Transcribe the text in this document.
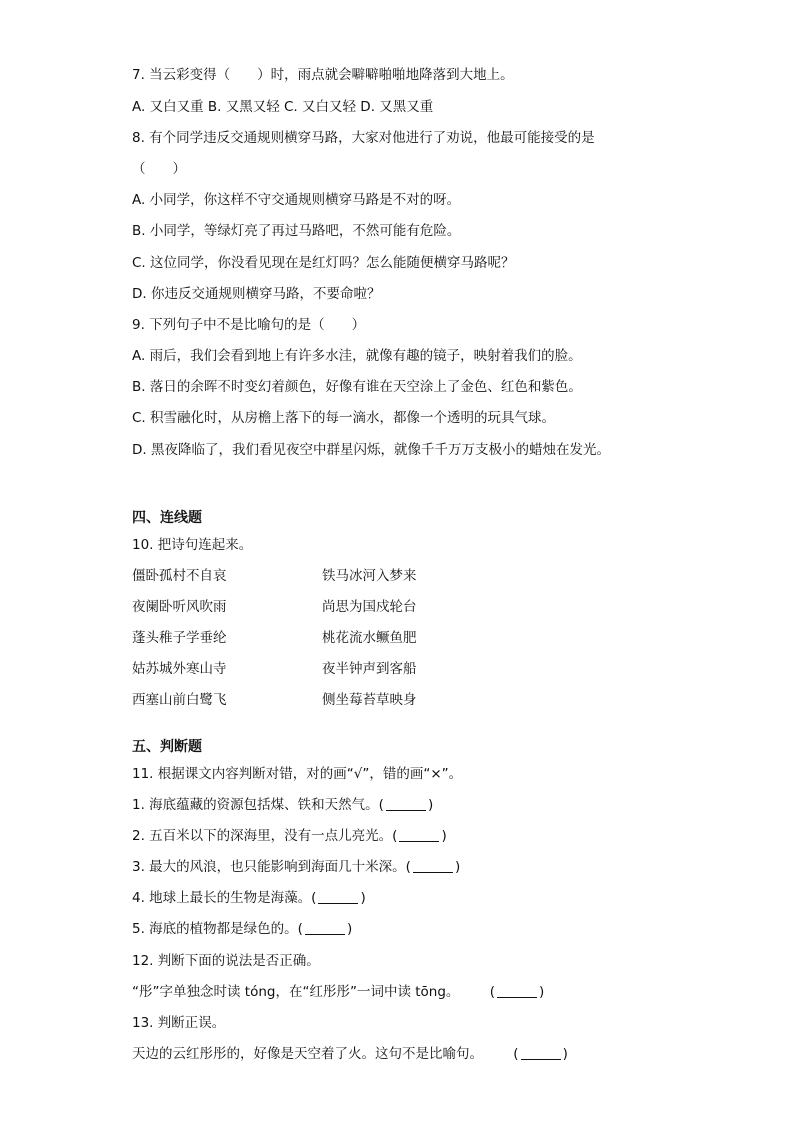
7. 当云彩变得（　　）时，雨点就会噼噼啪啪地降落到大地上。
A. 又白又重 B. 又黑又轻 C. 又白又轻 D. 又黑又重
8. 有个同学违反交通规则横穿马路，大家对他进行了劝说，他最可能接受的是
（　　）
A. 小同学，你这样不守交通规则横穿马路是不对的呀。
B. 小同学，等绿灯亮了再过马路吧，不然可能有危险。
C. 这位同学，你没看见现在是红灯吗？怎么能随便横穿马路呢？
D. 你违反交通规则横穿马路，不要命啦？
9. 下列句子中不是比喻句的是（　　）
A. 雨后，我们会看到地上有许多水洼，就像有趣的镜子，映射着我们的脸。
B. 落日的余晖不时变幻着颜色，好像有谁在天空涂上了金色、红色和紫色。
C. 积雪融化时，从房檐上落下的每一滴水，都像一个透明的玩具气球。
D. 黑夜降临了，我们看见夜空中群星闪烁，就像千千万万支极小的蜡烛在发光。
四、连线题
10. 把诗句连起来。
僵卧孤村不自哀	铁马冰河入梦来
夜阑卧听风吹雨	尚思为国戍轮台
蓬头稚子学垂纶	桃花流水鳜鱼肥
姑苏城外寒山寺	夜半钟声到客船
西塞山前白鹭飞	侧坐莓苔草映身
五、判断题
11. 根据课文内容判断对错，对的画“√”，错的画“×”。
1. 海底蕴藏的资源包括煤、铁和天然气。(	)
2. 五百米以下的深海里，没有一点儿亮光。(	)
3. 最大的风浪，也只能影响到海面几十米深。(	)
4. 地球上最长的生物是海藻。(	)
5. 海底的植物都是绿色的。(	)
12. 判断下面的说法是否正确。
“彤”字单独念时读 tóng，在“红彤彤”一词中读 tōng。 (	)
13. 判断正误。
天边的云红彤彤的，好像是天空着了火。这句不是比喻句。 (	)
